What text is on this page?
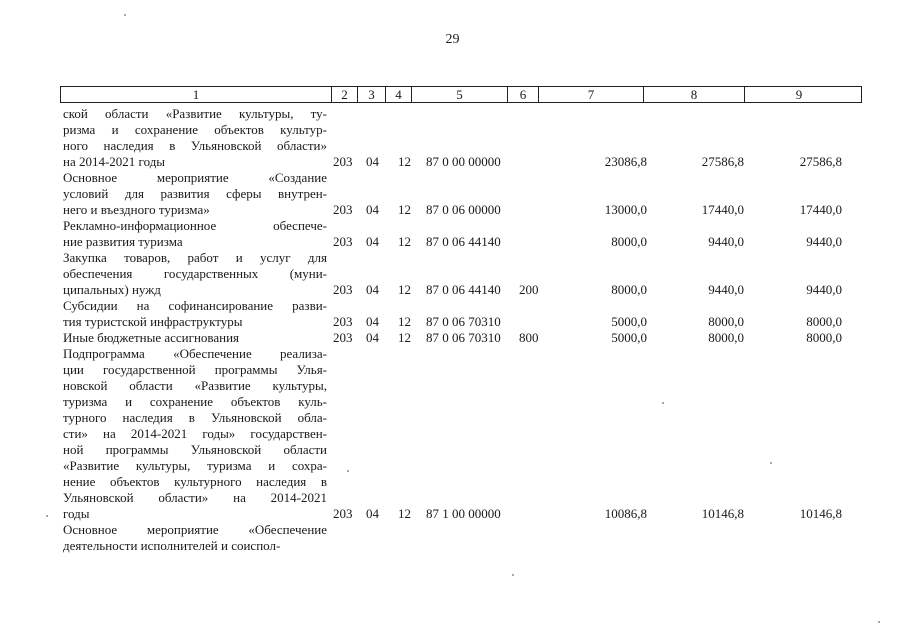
29
1	2	3	4	5	6	7	8	9
ской области «Развитие культуры, ту-
ризма и сохранение объектов культур-
ного наследия в Ульяновской области»
на 2014-2021 годы	203 04 12 87 0 00 00000	23086,8	27586,8	27586,8
Основное мероприятие «Создание
условий для развития сферы внутрен-
него и въездного туризма»	203 04 12 87 0 06 00000	13000,0	17440,0	17440,0
Рекламно-информационное обеспече-
ние развития туризма	203 04 12 87 0 06 44140	8000,0	9440,0	9440,0
Закупка товаров, работ и услуг для
обеспечения государственных (муни-
ципальных) нужд	203 04 12 87 0 06 44140 200	8000,0	9440,0	9440,0
Субсидии на софинансирование разви-
тия туристской инфраструктуры	203 04 12 87 0 06 70310	5000,0	8000,0	8000,0
Иные бюджетные ассигнования	203 04 12 87 0 06 70310 800	5000,0	8000,0	8000,0
Подпрограмма «Обеспечение реализа-
ции государственной программы Улья-
новской области «Развитие культуры,
туризма и сохранение объектов куль-
турного наследия в Ульяновской обла-
сти» на 2014-2021 годы» государствен-
ной программы Ульяновской области
«Развитие культуры, туризма и сохра-
нение объектов культурного наследия в
Ульяновской области» на 2014-2021
годы	203 04 12 87 1 00 00000	10086,8	10146,8	10146,8
Основное мероприятие «Обеспечение
деятельности исполнителей и соиспол-
